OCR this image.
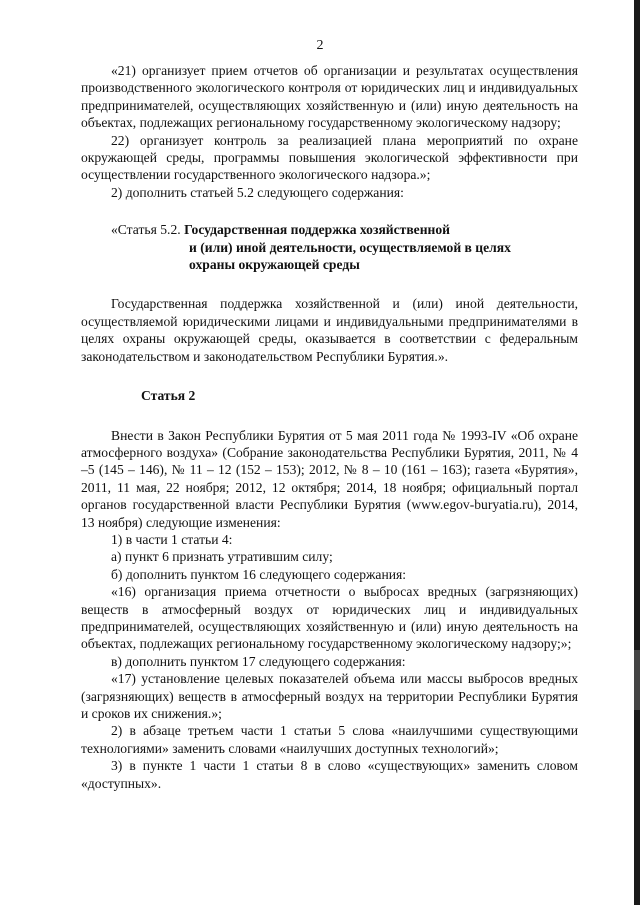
2

«21) организует прием отчетов об организации и результатах осуществления производственного экологического контроля от юридических лиц и индивидуальных предпринимателей, осуществляющих хозяйственную и (или) иную деятельность на объектах, подлежащих региональному государственному экологическому надзору;

22) организует контроль за реализацией плана мероприятий по охране окружающей среды, программы повышения экологической эффективности при осуществлении государственного экологического надзора.»;

2) дополнить статьей 5.2 следующего содержания:

«Статья 5.2. Государственная поддержка хозяйственной
и (или) иной деятельности, осуществляемой в целях
охраны окружающей среды

Государственная поддержка хозяйственной и (или) иной деятельности, осуществляемой юридическими лицами и индивидуальными предпринимателями в целях охраны окружающей среды, оказывается в соответствии с федеральным законодательством и законодательством Республики Бурятия.».

Статья 2

Внести в Закон Республики Бурятия от 5 мая 2011 года № 1993-IV «Об охране атмосферного воздуха» (Собрание законодательства Республики Бурятия, 2011, № 4 –5 (145 – 146), № 11 – 12 (152 – 153); 2012, № 8 – 10 (161 – 163); газета «Бурятия», 2011, 11 мая, 22 ноября; 2012, 12 октября; 2014, 18 ноября; официальный портал органов государственной власти Республики Бурятия (www.egov-buryatia.ru), 2014, 13 ноября) следующие изменения:

1) в части 1 статьи 4:

а) пункт 6 признать утратившим силу;

б) дополнить пунктом 16 следующего содержания:

«16) организация приема отчетности о выбросах вредных (загрязняющих) веществ в атмосферный воздух от юридических лиц и индивидуальных предпринимателей, осуществляющих хозяйственную и (или) иную деятельность на объектах, подлежащих региональному государственному экологическому надзору;»;

в) дополнить пунктом 17 следующего содержания:

«17) установление целевых показателей объема или массы выбросов вредных (загрязняющих) веществ в атмосферный воздух на территории Республики Бурятия и сроков их снижения.»;

2) в абзаце третьем части 1 статьи 5 слова «наилучшими существующими технологиями» заменить словами «наилучших доступных технологий»;

3) в пункте 1 части 1 статьи 8 в слово «существующих» заменить словом «доступных».
